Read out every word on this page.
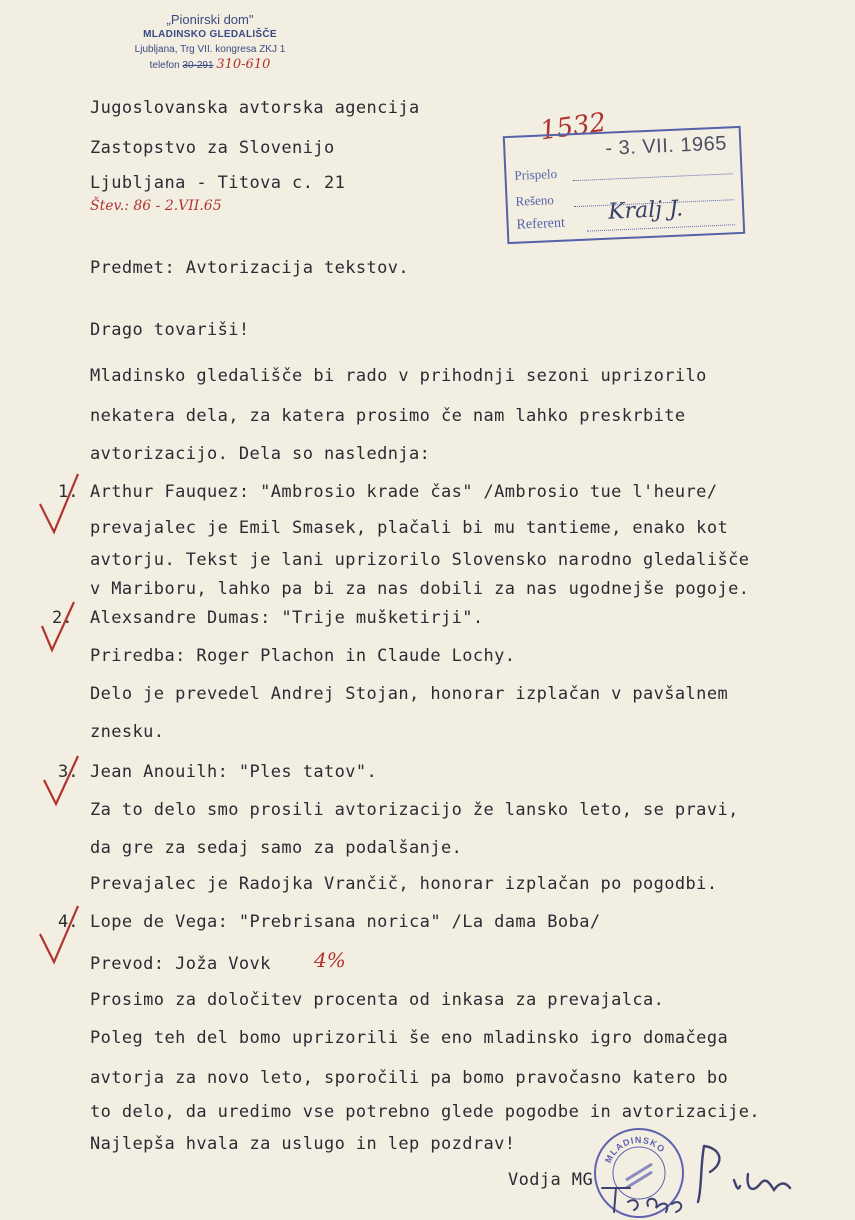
„Pionirski dom"
MLADINSKO GLEDALIŠČE
Ljubljana, Trg VII. kongresa ZKJ 1
telefon 30-291 310-610
Jugoslovanska avtorska agencija
Zastopstvo za Slovenijo
Ljubljana - Titova c. 21
Štev.: 86 - 2.VII.65
1532
Prispelo
- 3. VII. 1965
Rešeno
Referent Kralj J.
Predmet: Avtorizacija tekstov.
Drago tovariši!
Mladinsko gledališče bi rado v prihodnji sezoni uprizorilo
nekatera dela, za katera prosimo če nam lahko preskrbite
avtorizacijo. Dela so naslednja:
1. Arthur Fauquez: "Ambrosio krade čas" /Ambrosio tue l'heure/
prevajalec je Emil Smasek, plačali bi mu tantieme, enako kot
avtorju. Tekst je lani uprizorilo Slovensko narodno gledališče
v Mariboru, lahko pa bi za nas dobili za nas ugodnejše pogoje.
2. Alexsandre Dumas: "Trije mušketirji".
Priredba: Roger Plachon in Claude Lochy.
Delo je prevedel Andrej Stojan, honorar izplačan v pavšalnem
znesku.
3. Jean Anouilh: "Ples tatov".
Za to delo smo prosili avtorizacijo že lansko leto, se pravi,
da gre za sedaj samo za podalšanje.
Prevajalec je Radojka Vrančič, honorar izplačan po pogodbi.
4. Lope de Vega: "Prebrisana norica" /La dama Boba/
Prevod: Joža Vovk 4%
Prosimo za določitev procenta od inkasa za prevajalca.
Poleg teh del bomo uprizorili še eno mladinsko igro domačega
avtorja za novo leto, sporočili pa bomo pravočasno katero bo
to delo, da uredimo vse potrebno glede pogodbe in avtorizacije.
Najlepša hvala za uslugo in lep pozdrav!
Vodja MG
MLADINSKO
